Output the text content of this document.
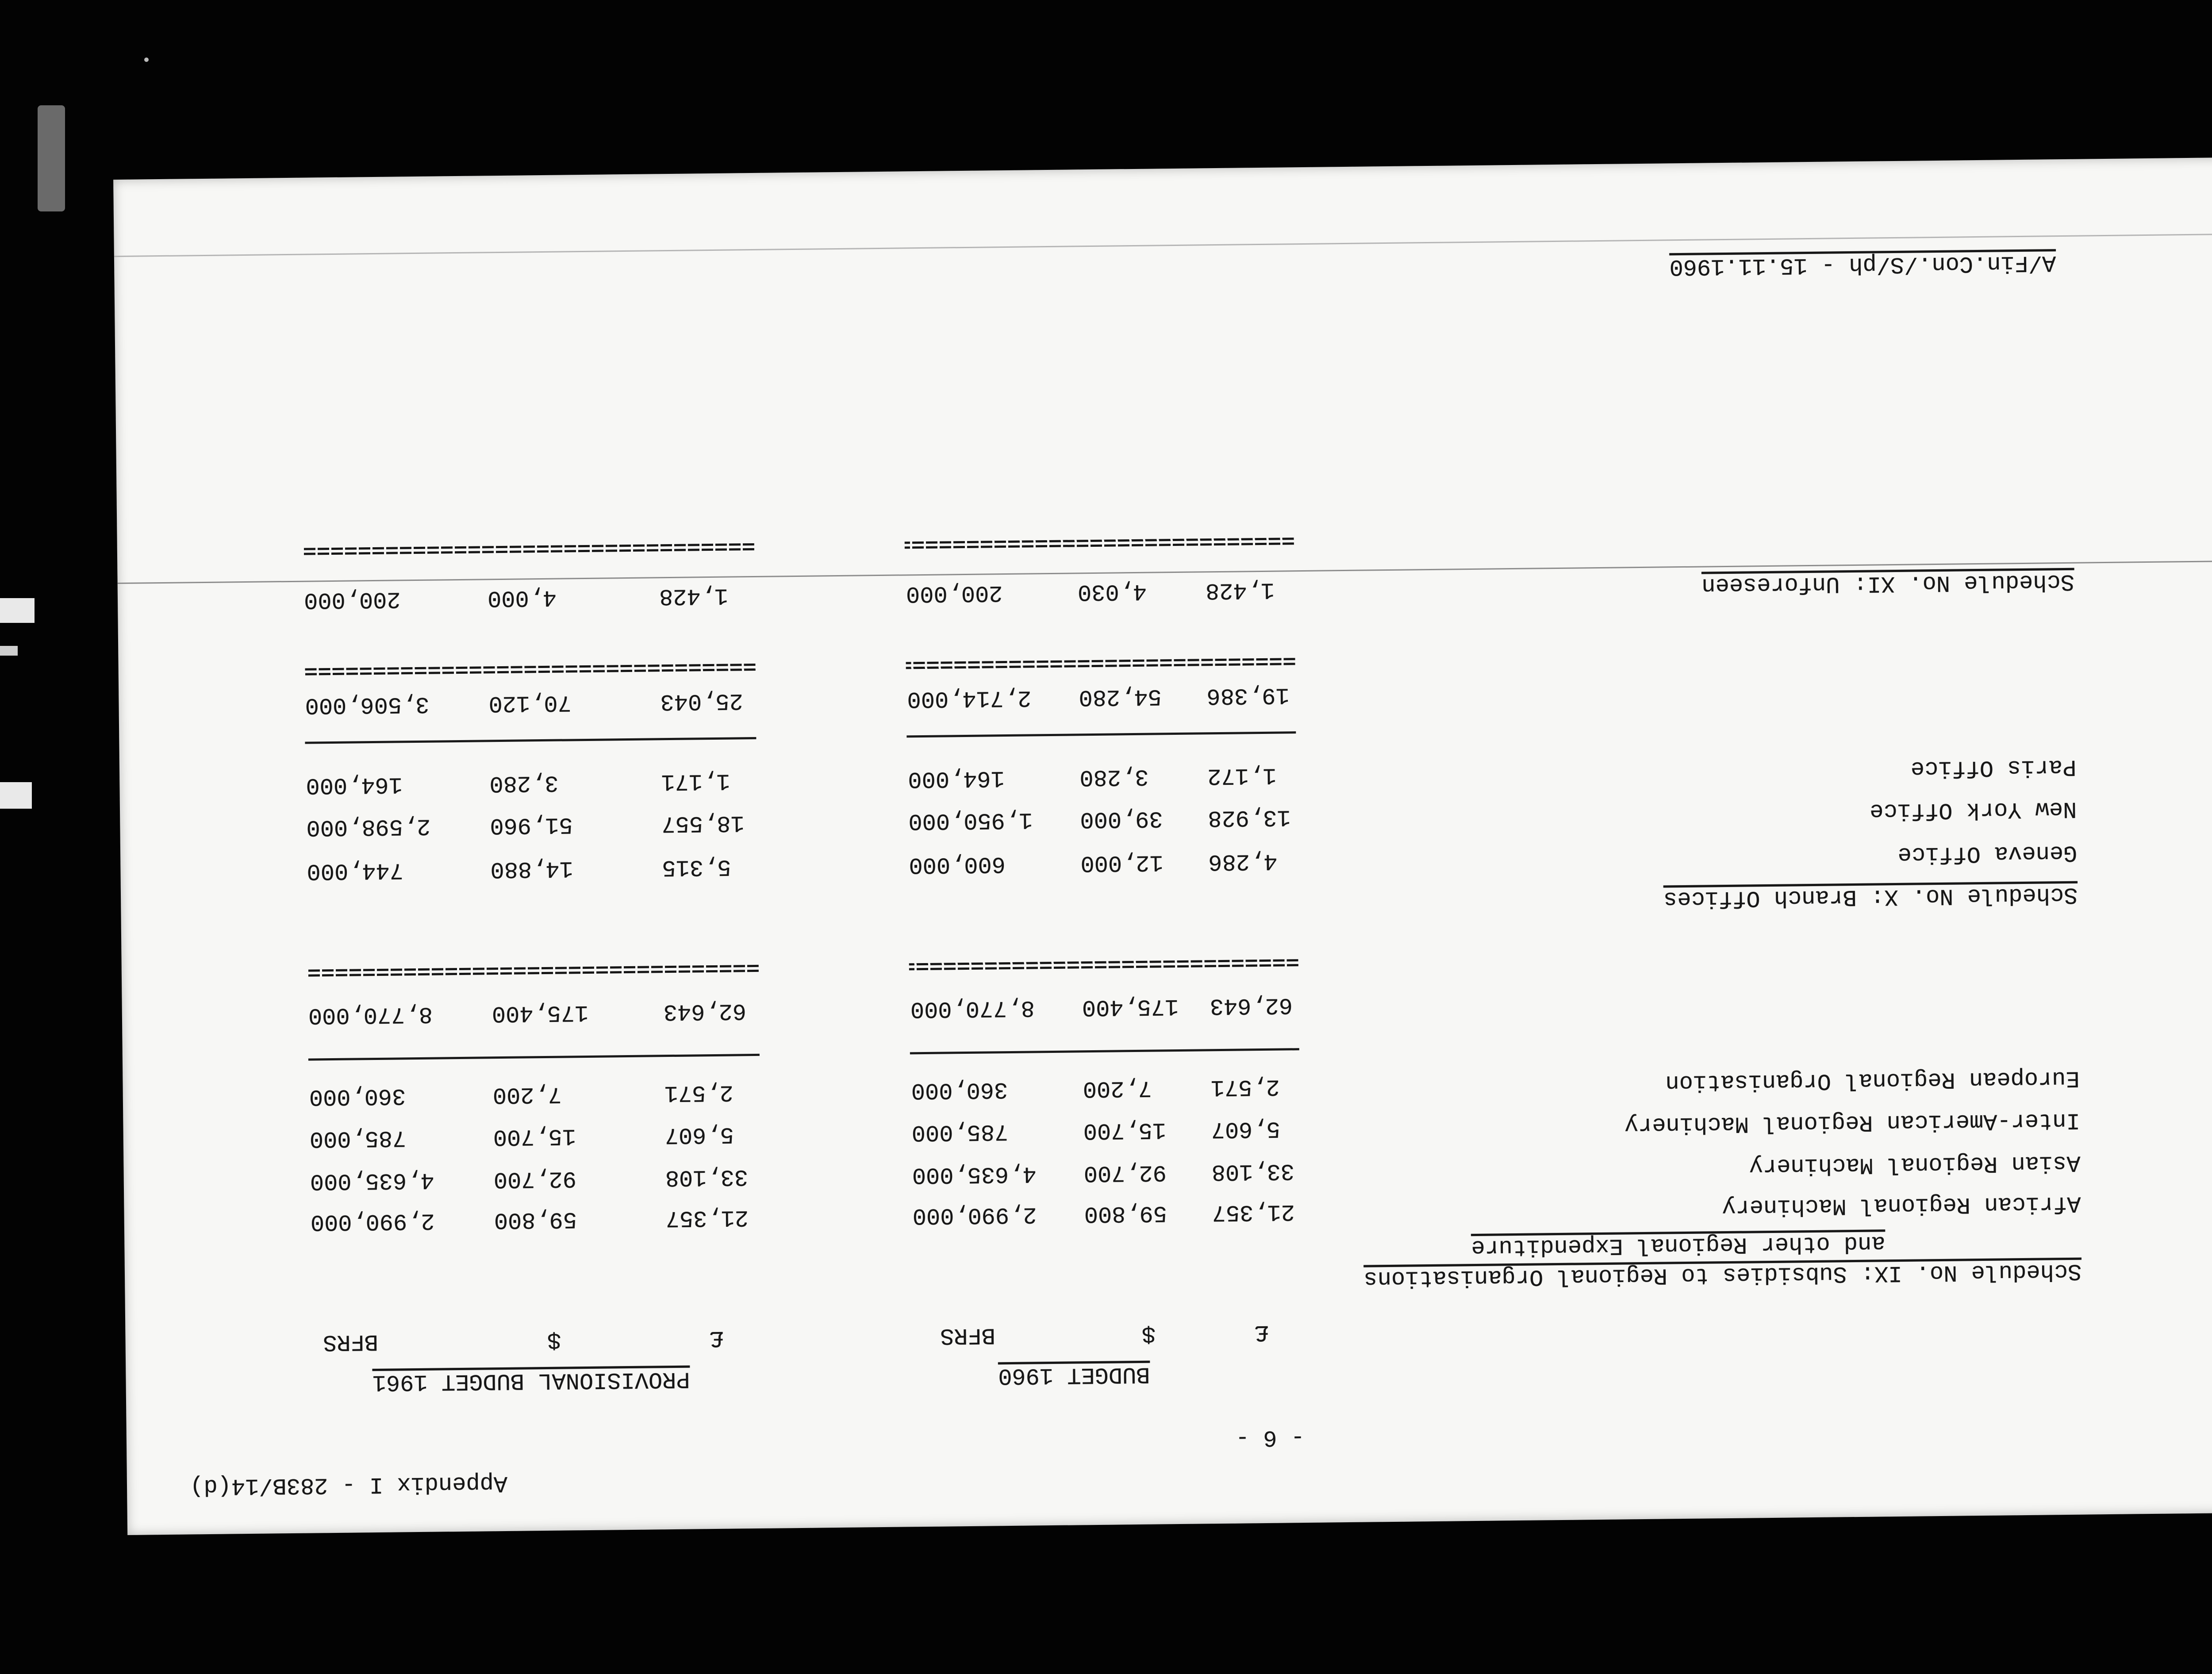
Appendix I - 283B/14(d)
- 6 -
BUDGET 1960
PROVISIONAL BUDGET 1961
£
$
BFRS
£
$
BFRS
Schedule No. IX: Subsidies to Regional Organisations
and other Regional Expenditure
African Regional Machinery
21,357
59,800
2,990,000
21,357
59,800
2,990,000
Asian Regional Machinery
33,108
92,700
4,635,000
33,108
92,700
4,635,000
Inter-American Regional Machinery
5,607
15,700
785,000
5,607
15,700
785,000
European Regional Organisation
2,571
7,200
360,000
2,571
7,200
360,000
62,643
175,400
8,770,000
62,643
175,400
8,770,000
Schedule No. X: Branch Offices
Geneva Office
4,286
12,000
600,000
5,315
14,880
744,000
New York Office
13,928
39,000
1,950,000
18,557
51,960
2,598,000
Paris Office
1,172
3,280
164,000
1,171
3,280
164,000
19,386
54,280
2,714,000
25,043
70,120
3,506,000
Schedule No. XI: Unforeseen
1,428
4,030
200,000
1,428
4,000
200,000
A/Fin.Con./S/ph - 15.11.1960
